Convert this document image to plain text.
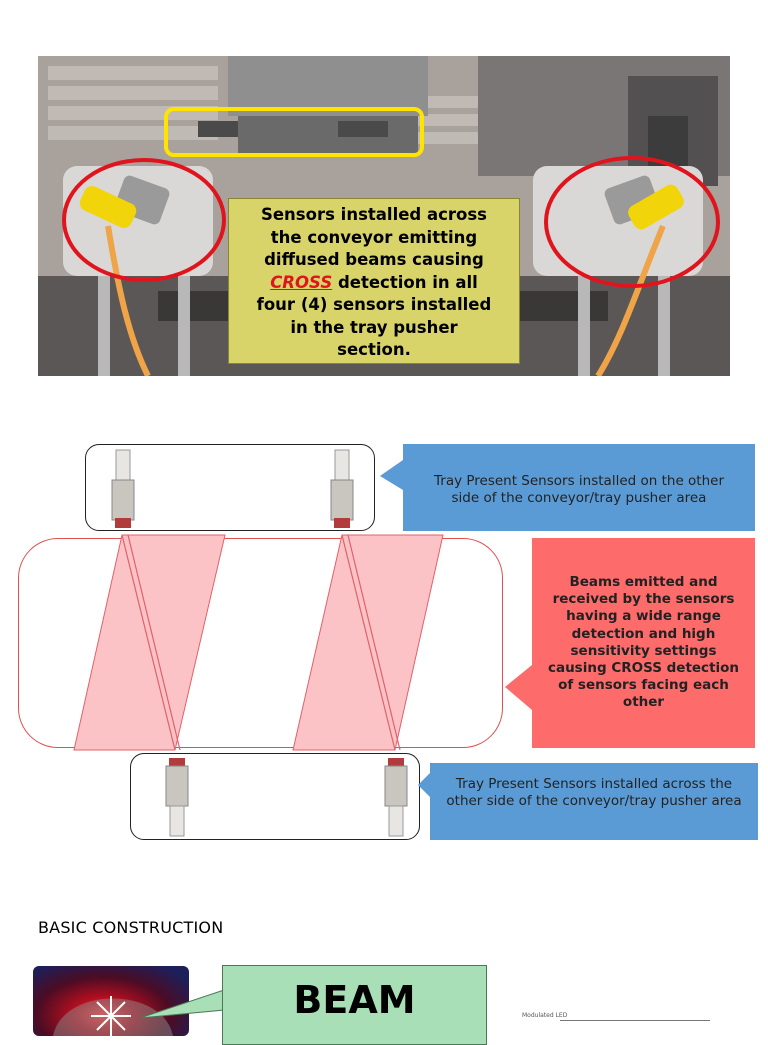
Sensors installed across
the conveyor emitting
diffused beams causing
CROSS detection in all
four (4) sensors installed
in the tray pusher
section.
Tray Present Sensors installed on the other
side of the conveyor/tray pusher area
Beams emitted and
received by the sensors
having a wide range
detection and high
sensitivity settings
causing CROSS detection
of sensors facing each
other
Tray Present Sensors installed across the
other side of the conveyor/tray pusher area
BASIC CONSTRUCTION
BEAM	Modulated LED
